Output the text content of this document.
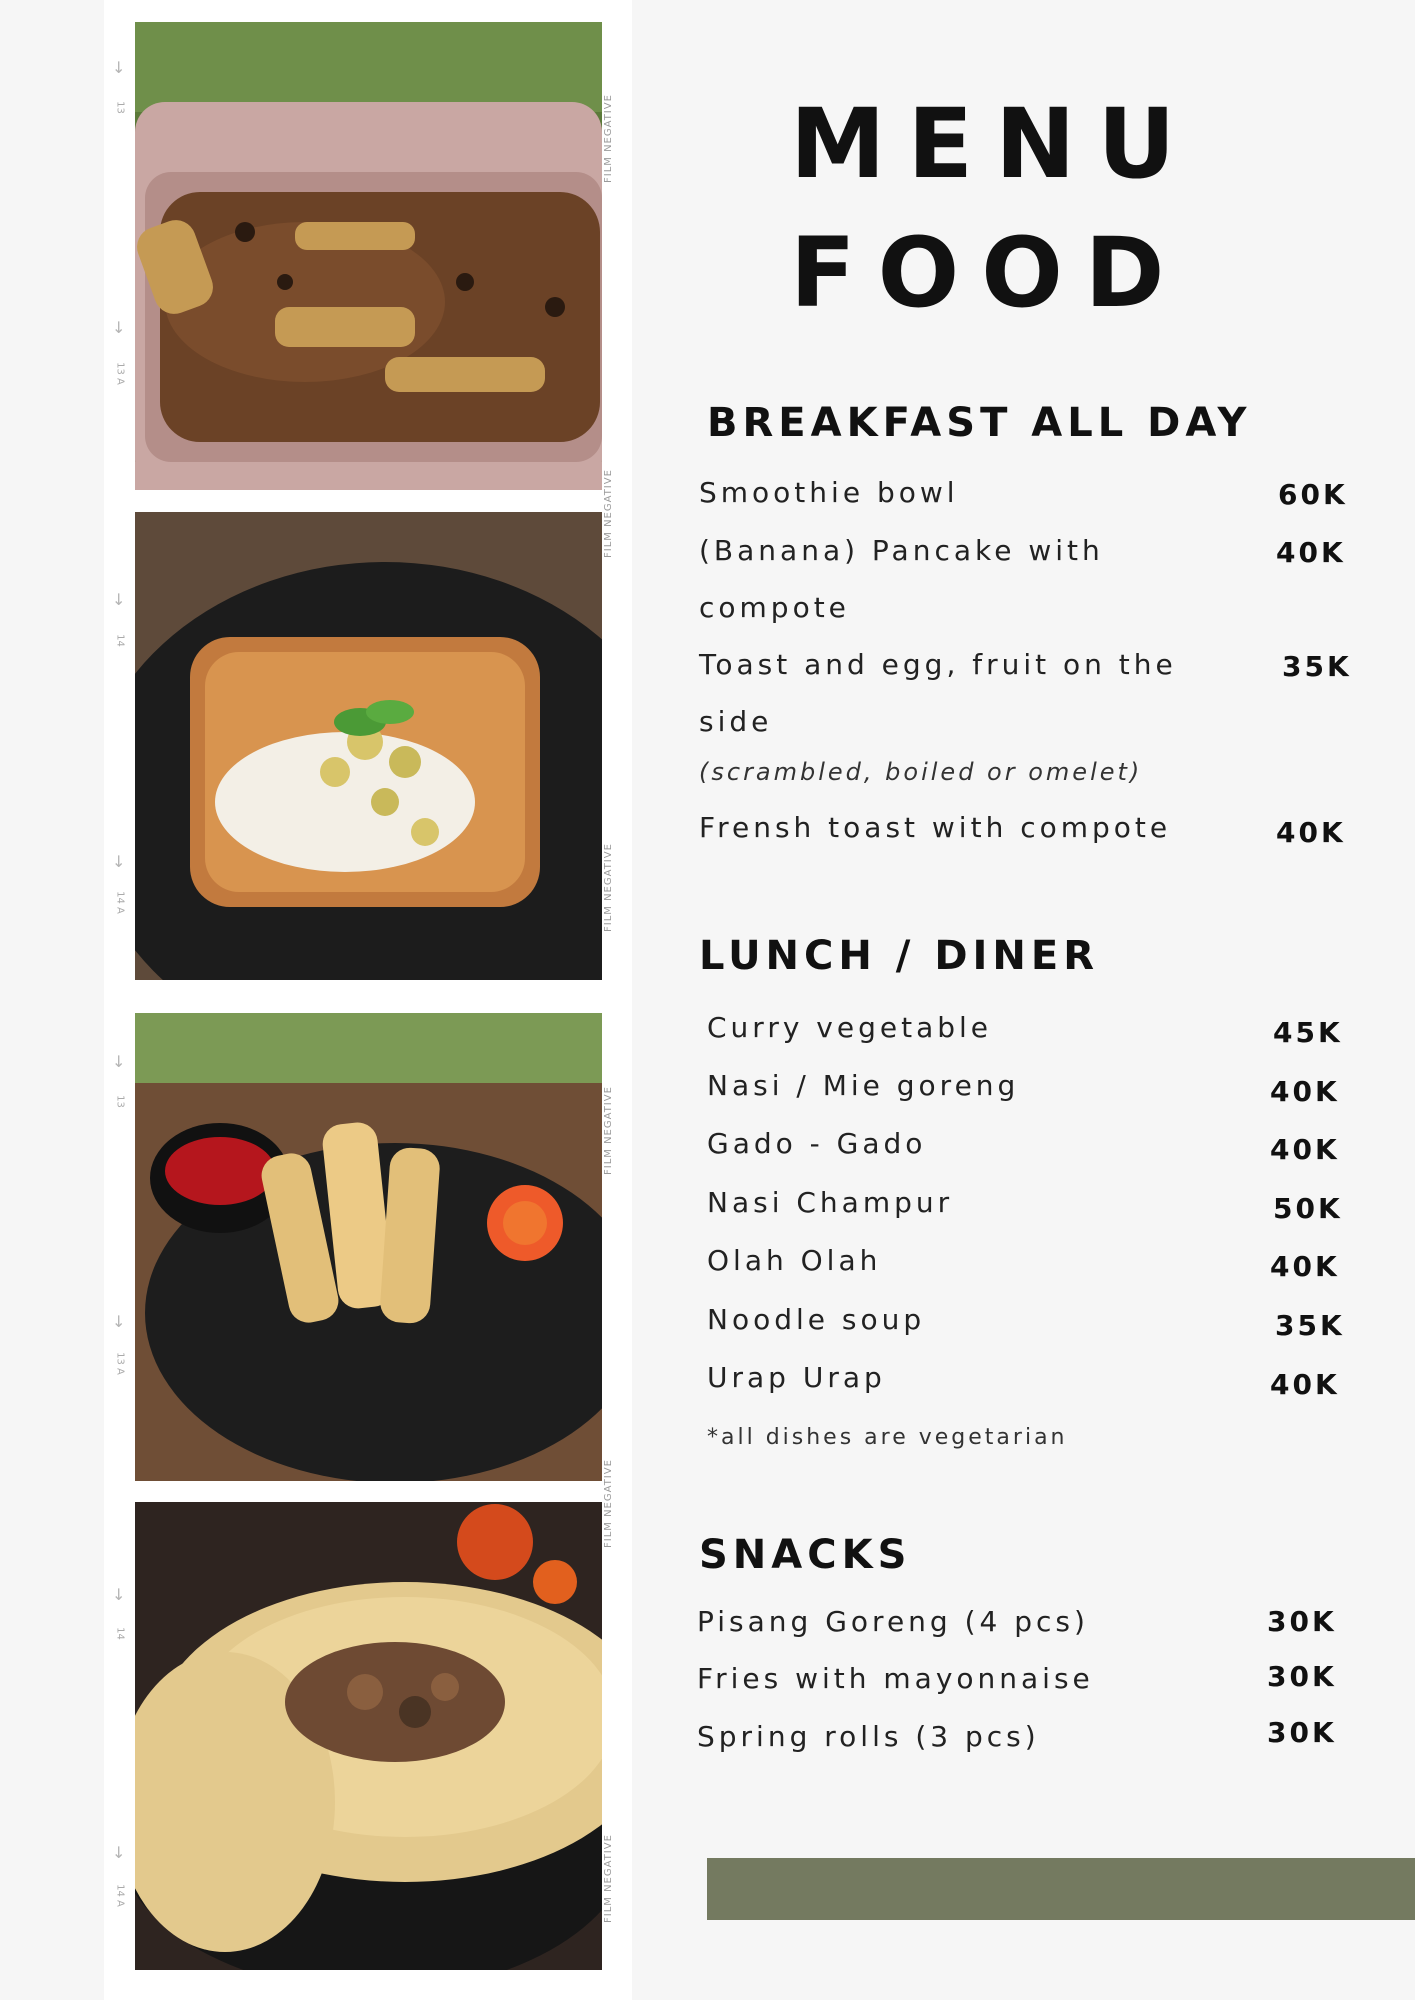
↓
13
↓
13 A
↓
14
↓
14 A
↓
13
↓
13 A
↓
14
↓
14 A
MENU
FOOD
BREAKFAST ALL DAY
Smoothie bowl	60K
(Banana) Pancake with
compote
40K
Toast and egg, fruit on the
side
35K
(scrambled, boiled or omelet)
Frensh toast with compote	40K
LUNCH / DINER
Curry vegetable	45K
Nasi / Mie goreng	40K
Gado - Gado	40K
Nasi Champur	50K
Olah Olah	40K
Noodle soup	35K
Urap Urap	40K
*all dishes are vegetarian
SNACKS
Pisang Goreng (4 pcs)	30K
Fries with mayonnaise	30K
Spring rolls (3 pcs)	30K
